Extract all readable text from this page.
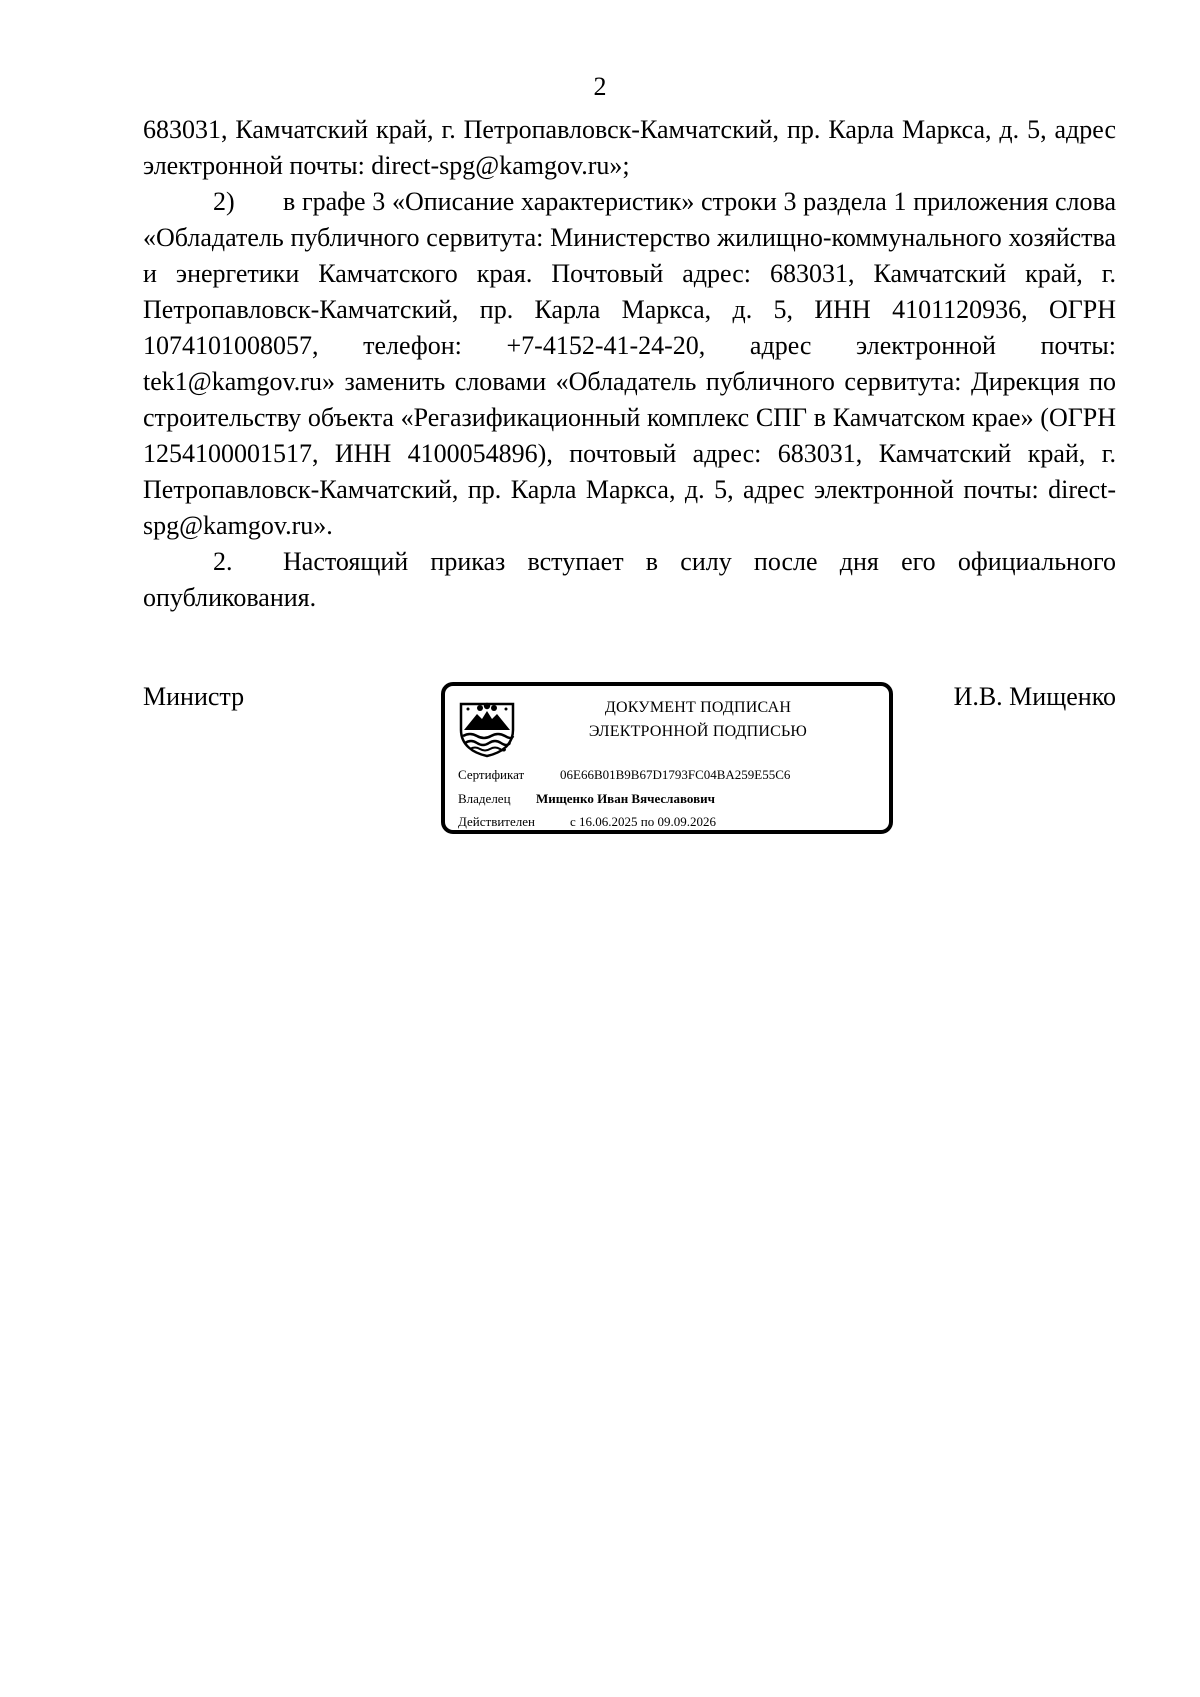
2

683031, Камчатский край, г. Петропавловск-Камчатский, пр. Карла Маркса, д. 5, адрес электронной почты: direct-spg@kamgov.ru»;

2) в графе 3 «Описание характеристик» строки 3 раздела 1 приложения слова «Обладатель публичного сервитута: Министерство жилищно-коммунального хозяйства и энергетики Камчатского края. Почтовый адрес: 683031, Камчатский край, г. Петропавловск-Камчатский, пр. Карла Маркса, д. 5, ИНН 4101120936, ОГРН 1074101008057, телефон: +7-4152-41-24-20, адрес электронной почты: tek1@kamgov.ru» заменить словами «Обладатель публичного сервитута: Дирекция по строительству объекта «Регазификационный комплекс СПГ в Камчатском крае» (ОГРН 1254100001517, ИНН 4100054896), почтовый адрес: 683031, Камчатский край, г. Петропавловск-Камчатский, пр. Карла Маркса, д. 5, адрес электронной почты: direct-spg@kamgov.ru».

2. Настоящий приказ вступает в силу после дня его официального опубликования.

Министр	ДОКУМЕНТ ПОДПИСАН
ЭЛЕКТРОННОЙ ПОДПИСЬЮ
Сертификат	06E66B01B9B67D1793FC04BA259E55C6
Владелец Мищенко Иван Вячеславович
Действителен	с 16.06.2025 по 09.09.2026
И.В. Мищенко
